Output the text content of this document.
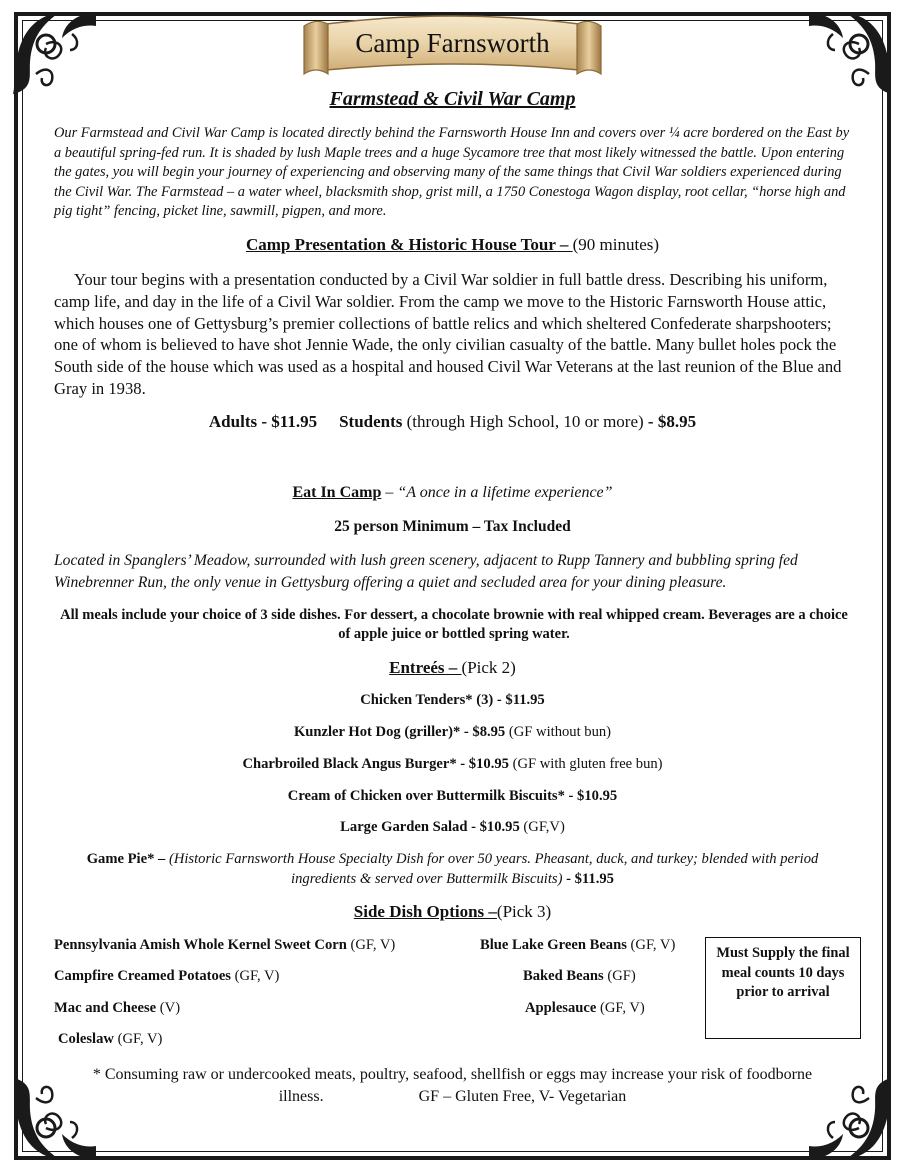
Camp Farnsworth
Farmstead & Civil War Camp

Our Farmstead and Civil War Camp is located directly behind the Farnsworth House Inn and covers over ¼ acre bordered on the East by a beautiful spring-fed run. It is shaded by lush Maple trees and a huge Sycamore tree that most likely witnessed the battle. Upon entering the gates, you will begin your journey of experiencing and observing many of the same things that Civil War soldiers experienced during the Civil War. The Farmstead – a water wheel, blacksmith shop, grist mill, a 1750 Conestoga Wagon display, root cellar, “horse high and pig tight” fencing, picket line, sawmill, pigpen, and more.

Camp Presentation & Historic House Tour – (90 minutes)

Your tour begins with a presentation conducted by a Civil War soldier in full battle dress. Describing his uniform, camp life, and day in the life of a Civil War soldier. From the camp we move to the Historic Farnsworth House attic, which houses one of Gettysburg’s premier collections of battle relics and which sheltered Confederate sharpshooters; one of whom is believed to have shot Jennie Wade, the only civilian casualty of the battle. Many bullet holes pock the South side of the house which was used as a hospital and housed Civil War Veterans at the last reunion of the Blue and Gray in 1938.

Adults - $11.95 Students (through High School, 10 or more) - $8.95
Eat In Camp – “A once in a lifetime experience”
25 person Minimum – Tax Included

Located in Spanglers’ Meadow, surrounded with lush green scenery, adjacent to Rupp Tannery and bubbling spring fed Winebrenner Run, the only venue in Gettysburg offering a quiet and secluded area for your dining pleasure.

All meals include your choice of 3 side dishes. For dessert, a chocolate brownie with real whipped cream. Beverages are a choice of apple juice or bottled spring water.

Entreés – (Pick 2)
Chicken Tenders* (3) - $11.95
Kunzler Hot Dog (griller)* - $8.95 (GF without bun)
Charbroiled Black Angus Burger* - $10.95 (GF with gluten free bun)
Cream of Chicken over Buttermilk Biscuits* - $10.95
Large Garden Salad - $10.95 (GF,V)
Game Pie* – (Historic Farnsworth House Specialty Dish for over 50 years. Pheasant, duck, and turkey; blended with period ingredients & served over Buttermilk Biscuits) - $11.95
Side Dish Options –(Pick 3)
Pennsylvania Amish Whole Kernel Sweet Corn (GF, V)
Campfire Creamed Potatoes (GF, V)
Mac and Cheese (V)
Coleslaw (GF, V)
Blue Lake Green Beans (GF, V)
Baked Beans (GF)
Applesauce (GF, V)
Must Supply the final meal counts 10 days prior to arrival
* Consuming raw or undercooked meats, poultry, seafood, shellfish or eggs may increase your risk of foodborne illness.	GF – Gluten Free, V- Vegetarian
